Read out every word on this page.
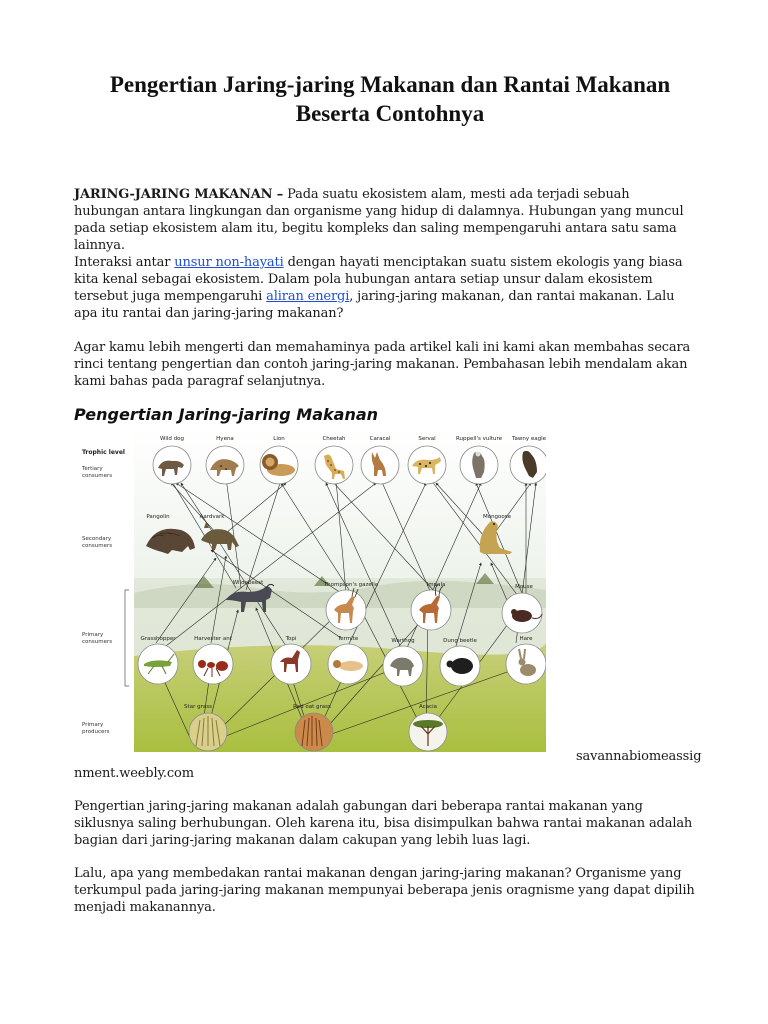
Pengertian Jaring-jaring Makanan dan Rantai Makanan Beserta Contohnya
JARING-JARING MAKANAN – Pada suatu ekosistem alam, mesti ada terjadi sebuah hubungan antara lingkungan dan organisme yang hidup di dalamnya. Hubungan yang muncul pada setiap ekosistem alam itu, begitu kompleks dan saling mempengaruhi antara satu sama lainnya.
Interaksi antar unsur non-hayati dengan hayati menciptakan suatu sistem ekologis yang biasa kita kenal sebagai ekosistem. Dalam pola hubungan antara setiap unsur dalam ekosistem tersebut juga mempengaruhi aliran energi, jaring-jaring makanan, dan rantai makanan. Lalu apa itu rantai dan jaring-jaring makanan?
Agar kamu lebih mengerti dan memahaminya pada artikel kali ini kami akan membahas secara rinci tentang pengertian dan contoh jaring-jaring makanan. Pembahasan lebih mendalam akan kami bahas pada paragraf selanjutnya.
Pengertian Jaring-jaring Makanan
Trophic level
Tertiary
consumers
Secondary
consumers
Primary
consumers
Primary
producers
Wild dog	Hyena	Lion	Cheetah	Caracal	Serval	Ruppell's vulture Tawny eagle
Pangolin	Aardvark	Mongoose
Wildebeest	Thompson's gazelle	Impala	Mouse
Grasshopper	Harvester ant	Topi	Termite	Warthog	Dung beetle	Hare
Star grass	Red oat grass	Acacia
savannabiomeassig
nment.weebly.com
Pengertian jaring-jaring makanan adalah gabungan dari beberapa rantai makanan yang siklusnya saling berhubungan. Oleh karena itu, bisa disimpulkan bahwa rantai makanan adalah bagian dari jaring-jaring makanan dalam cakupan yang lebih luas lagi.
Lalu, apa yang membedakan rantai makanan dengan jaring-jaring makanan? Organisme yang terkumpul pada jaring-jaring makanan mempunyai beberapa jenis oragnisme yang dapat dipilih menjadi makanannya.
